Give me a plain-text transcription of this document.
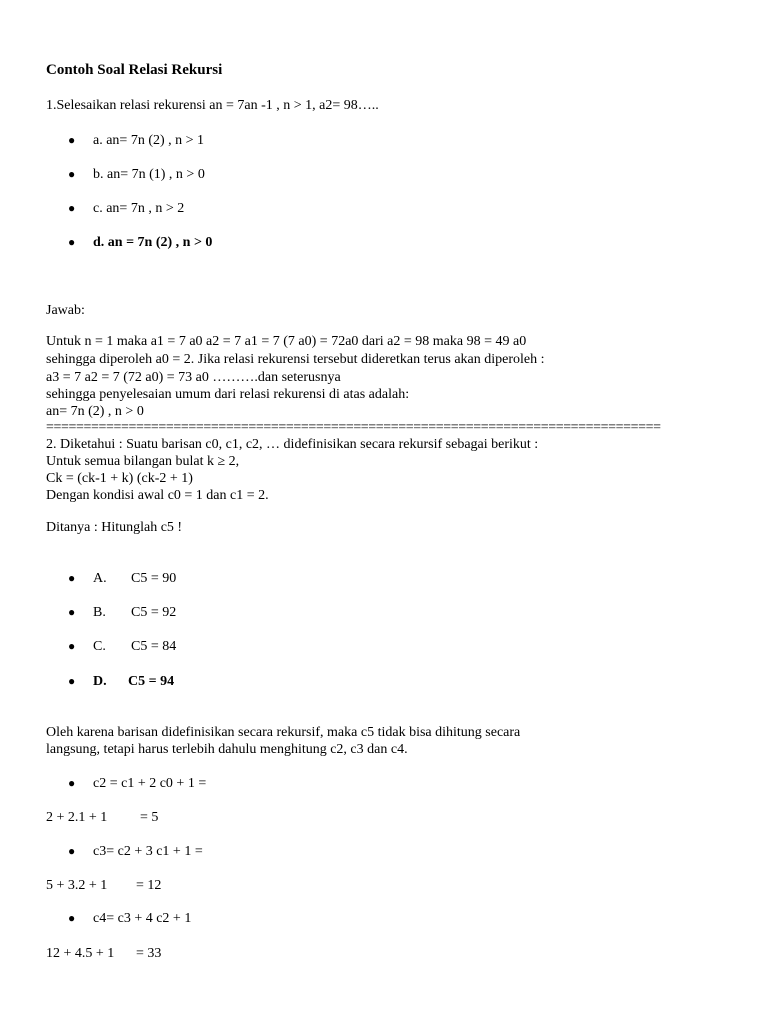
Contoh Soal Relasi Rekursi
1.Selesaikan relasi rekurensi an = 7an -1 , n > 1, a2= 98…..
● a. an= 7n (2) , n > 1
● b. an= 7n (1) , n > 0
● c. an= 7n , n > 2
● d. an = 7n (2) , n > 0
Jawab:
Untuk n = 1 maka a1 = 7 a0 a2 = 7 a1 = 7 (7 a0) = 72a0 dari a2 = 98 maka 98 = 49 a0
sehingga diperoleh a0 = 2. Jika relasi rekurensi tersebut dideretkan terus akan diperoleh :
a3 = 7 a2 = 7 (72 a0) = 73 a0 ……….dan seterusnya
sehingga penyelesaian umum dari relasi rekurensi di atas adalah:
an= 7n (2) , n > 0
==================================================================================
2. Diketahui : Suatu barisan c0, c1, c2, … didefinisikan secara rekursif sebagai berikut :
Untuk semua bilangan bulat k ≥ 2,
Ck = (ck-1 + k) (ck-2 + 1)
Dengan kondisi awal c0 = 1 dan c1 = 2.
Ditanya : Hitunglah c5 !
● A. C5 = 90
● B. C5 = 92
● C. C5 = 84
● D. C5 = 94
Oleh karena barisan didefinisikan secara rekursif, maka c5 tidak bisa dihitung secara
langsung, tetapi harus terlebih dahulu menghitung c2, c3 dan c4.
● c2 = c1 + 2 c0 + 1 =
2 + 2.1 + 1 = 5
● c3= c2 + 3 c1 + 1 =
5 + 3.2 + 1 = 12
● c4= c3 + 4 c2 + 1
12 + 4.5 + 1 = 33
